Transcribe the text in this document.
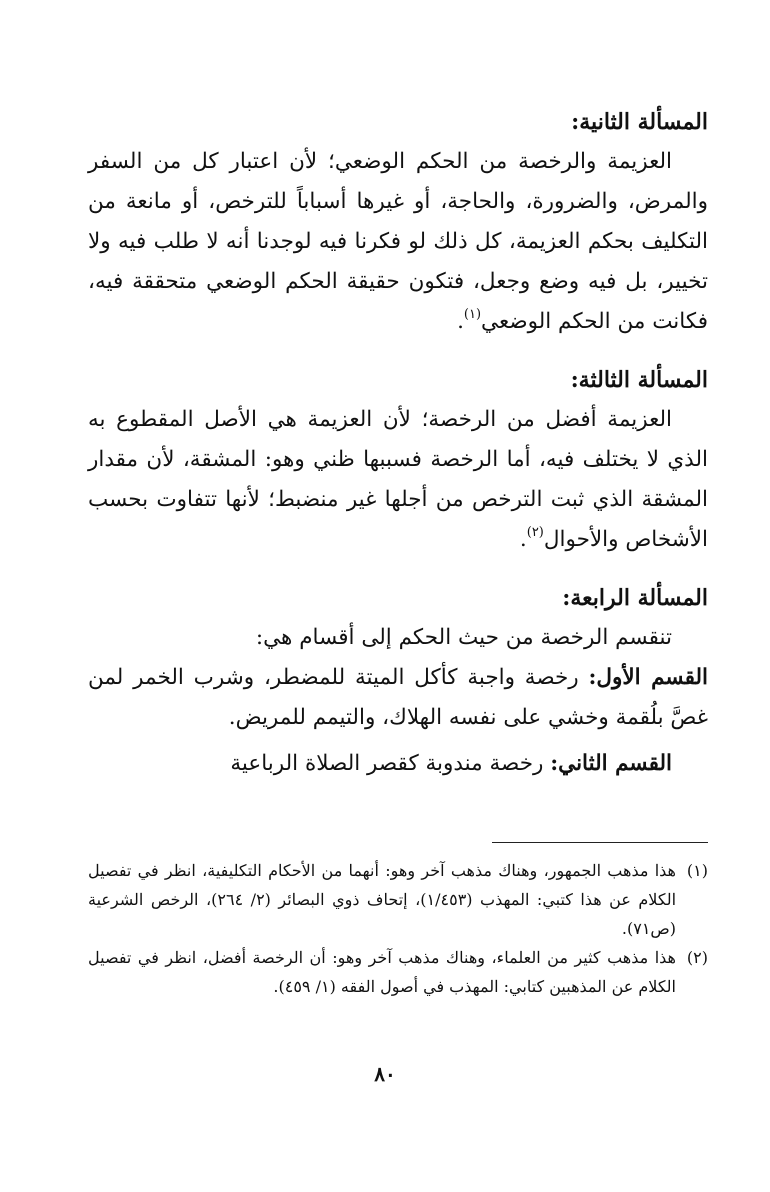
المسألة الثانية:

العزيمة والرخصة من الحكم الوضعي؛ لأن اعتبار كل من السفر والمرض، والضرورة، والحاجة، أو غيرها أسباباً للترخص، أو مانعة من التكليف بحكم العزيمة، كل ذلك لو فكرنا فيه لوجدنا أنه لا طلب فيه ولا تخيير، بل فيه وضع وجعل، فتكون حقيقة الحكم الوضعي متحققة فيه، فكانت من الحكم الوضعي$^{(١)}$.

المسألة الثالثة:

العزيمة أفضل من الرخصة؛ لأن العزيمة هي الأصل المقطوع به الذي لا يختلف فيه، أما الرخصة فسببها ظني وهو: المشقة، لأن مقدار المشقة الذي ثبت الترخص من أجلها غير منضبط؛ لأنها تتفاوت بحسب الأشخاص والأحوال$^{(٢)}$.

المسألة الرابعة:

تنقسم الرخصة من حيث الحكم إلى أقسام هي:

القسم الأول: رخصة واجبة كأكل الميتة للمضطر، وشرب الخمر لمن غصَّ بلُقمة وخشي على نفسه الهلاك، والتيمم للمريض.

القسم الثاني: رخصة مندوبة كقصر الصلاة الرباعية

(١)
هذا مذهب الجمهور، وهناك مذهب آخر وهو: أنهما من الأحكام التكليفية، انظر في تفصيل الكلام عن هذا كتبي: المهذب (١/٤٥٣)، إتحاف ذوي البصائر (٢/ ٢٦٤)، الرخص الشرعية (ص٧١).

(٢)
هذا مذهب كثير من العلماء، وهناك مذهب آخر وهو: أن الرخصة أفضل، انظر في تفصيل الكلام عن المذهبين كتابي: المهذب في أصول الفقه (١/ ٤٥٩).

٨٠
